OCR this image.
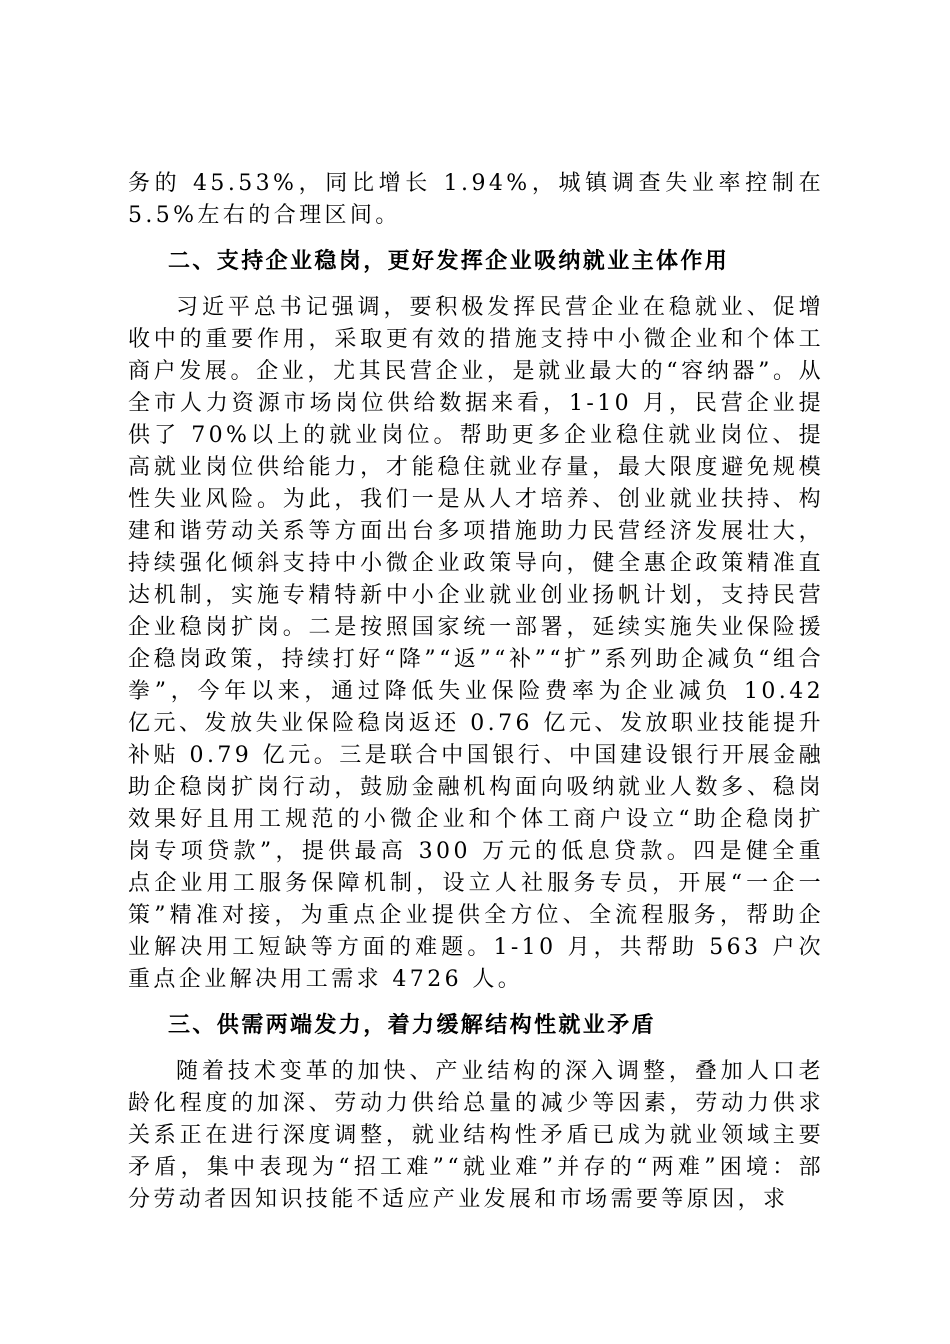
务的 45.53%，同比增长 1.94%，城镇调查失业率控制在 5.5%左右的合理区间。

二、支持企业稳岗，更好发挥企业吸纳就业主体作用

习近平总书记强调，要积极发挥民营企业在稳就业、促增收中的重要作用，采取更有效的措施支持中小微企业和个体工商户发展。企业，尤其民营企业，是就业最大的“容纳器”。从全市人力资源市场岗位供给数据来看，1-10 月，民营企业提供了 70%以上的就业岗位。帮助更多企业稳住就业岗位、提高就业岗位供给能力，才能稳住就业存量，最大限度避免规模性失业风险。为此，我们一是从人才培养、创业就业扶持、构建和谐劳动关系等方面出台多项措施助力民营经济发展壮大，持续强化倾斜支持中小微企业政策导向，健全惠企政策精准直达机制，实施专精特新中小企业就业创业扬帆计划，支持民营企业稳岗扩岗。二是按照国家统一部署，延续实施失业保险援企稳岗政策，持续打好“降”“返”“补”“扩”系列助企减负“组合拳”，今年以来，通过降低失业保险费率为企业减负 10.42 亿元、发放失业保险稳岗返还 0.76 亿元、发放职业技能提升补贴 0.79 亿元。三是联合中国银行、中国建设银行开展金融助企稳岗扩岗行动，鼓励金融机构面向吸纳就业人数多、稳岗效果好且用工规范的小微企业和个体工商户设立“助企稳岗扩岗专项贷款”，提供最高 300 万元的低息贷款。四是健全重点企业用工服务保障机制，设立人社服务专员，开展“一企一策”精准对接，为重点企业提供全方位、全流程服务，帮助企业解决用工短缺等方面的难题。1-10 月，共帮助 563 户次重点企业解决用工需求 4726 人。

三、供需两端发力，着力缓解结构性就业矛盾

随着技术变革的加快、产业结构的深入调整，叠加人口老龄化程度的加深、劳动力供给总量的减少等因素，劳动力供求关系正在进行深度调整，就业结构性矛盾已成为就业领域主要矛盾，集中表现为“招工难”“就业难”并存的“两难”困境：部分劳动者因知识技能不适应产业发展和市场需要等原因，求
